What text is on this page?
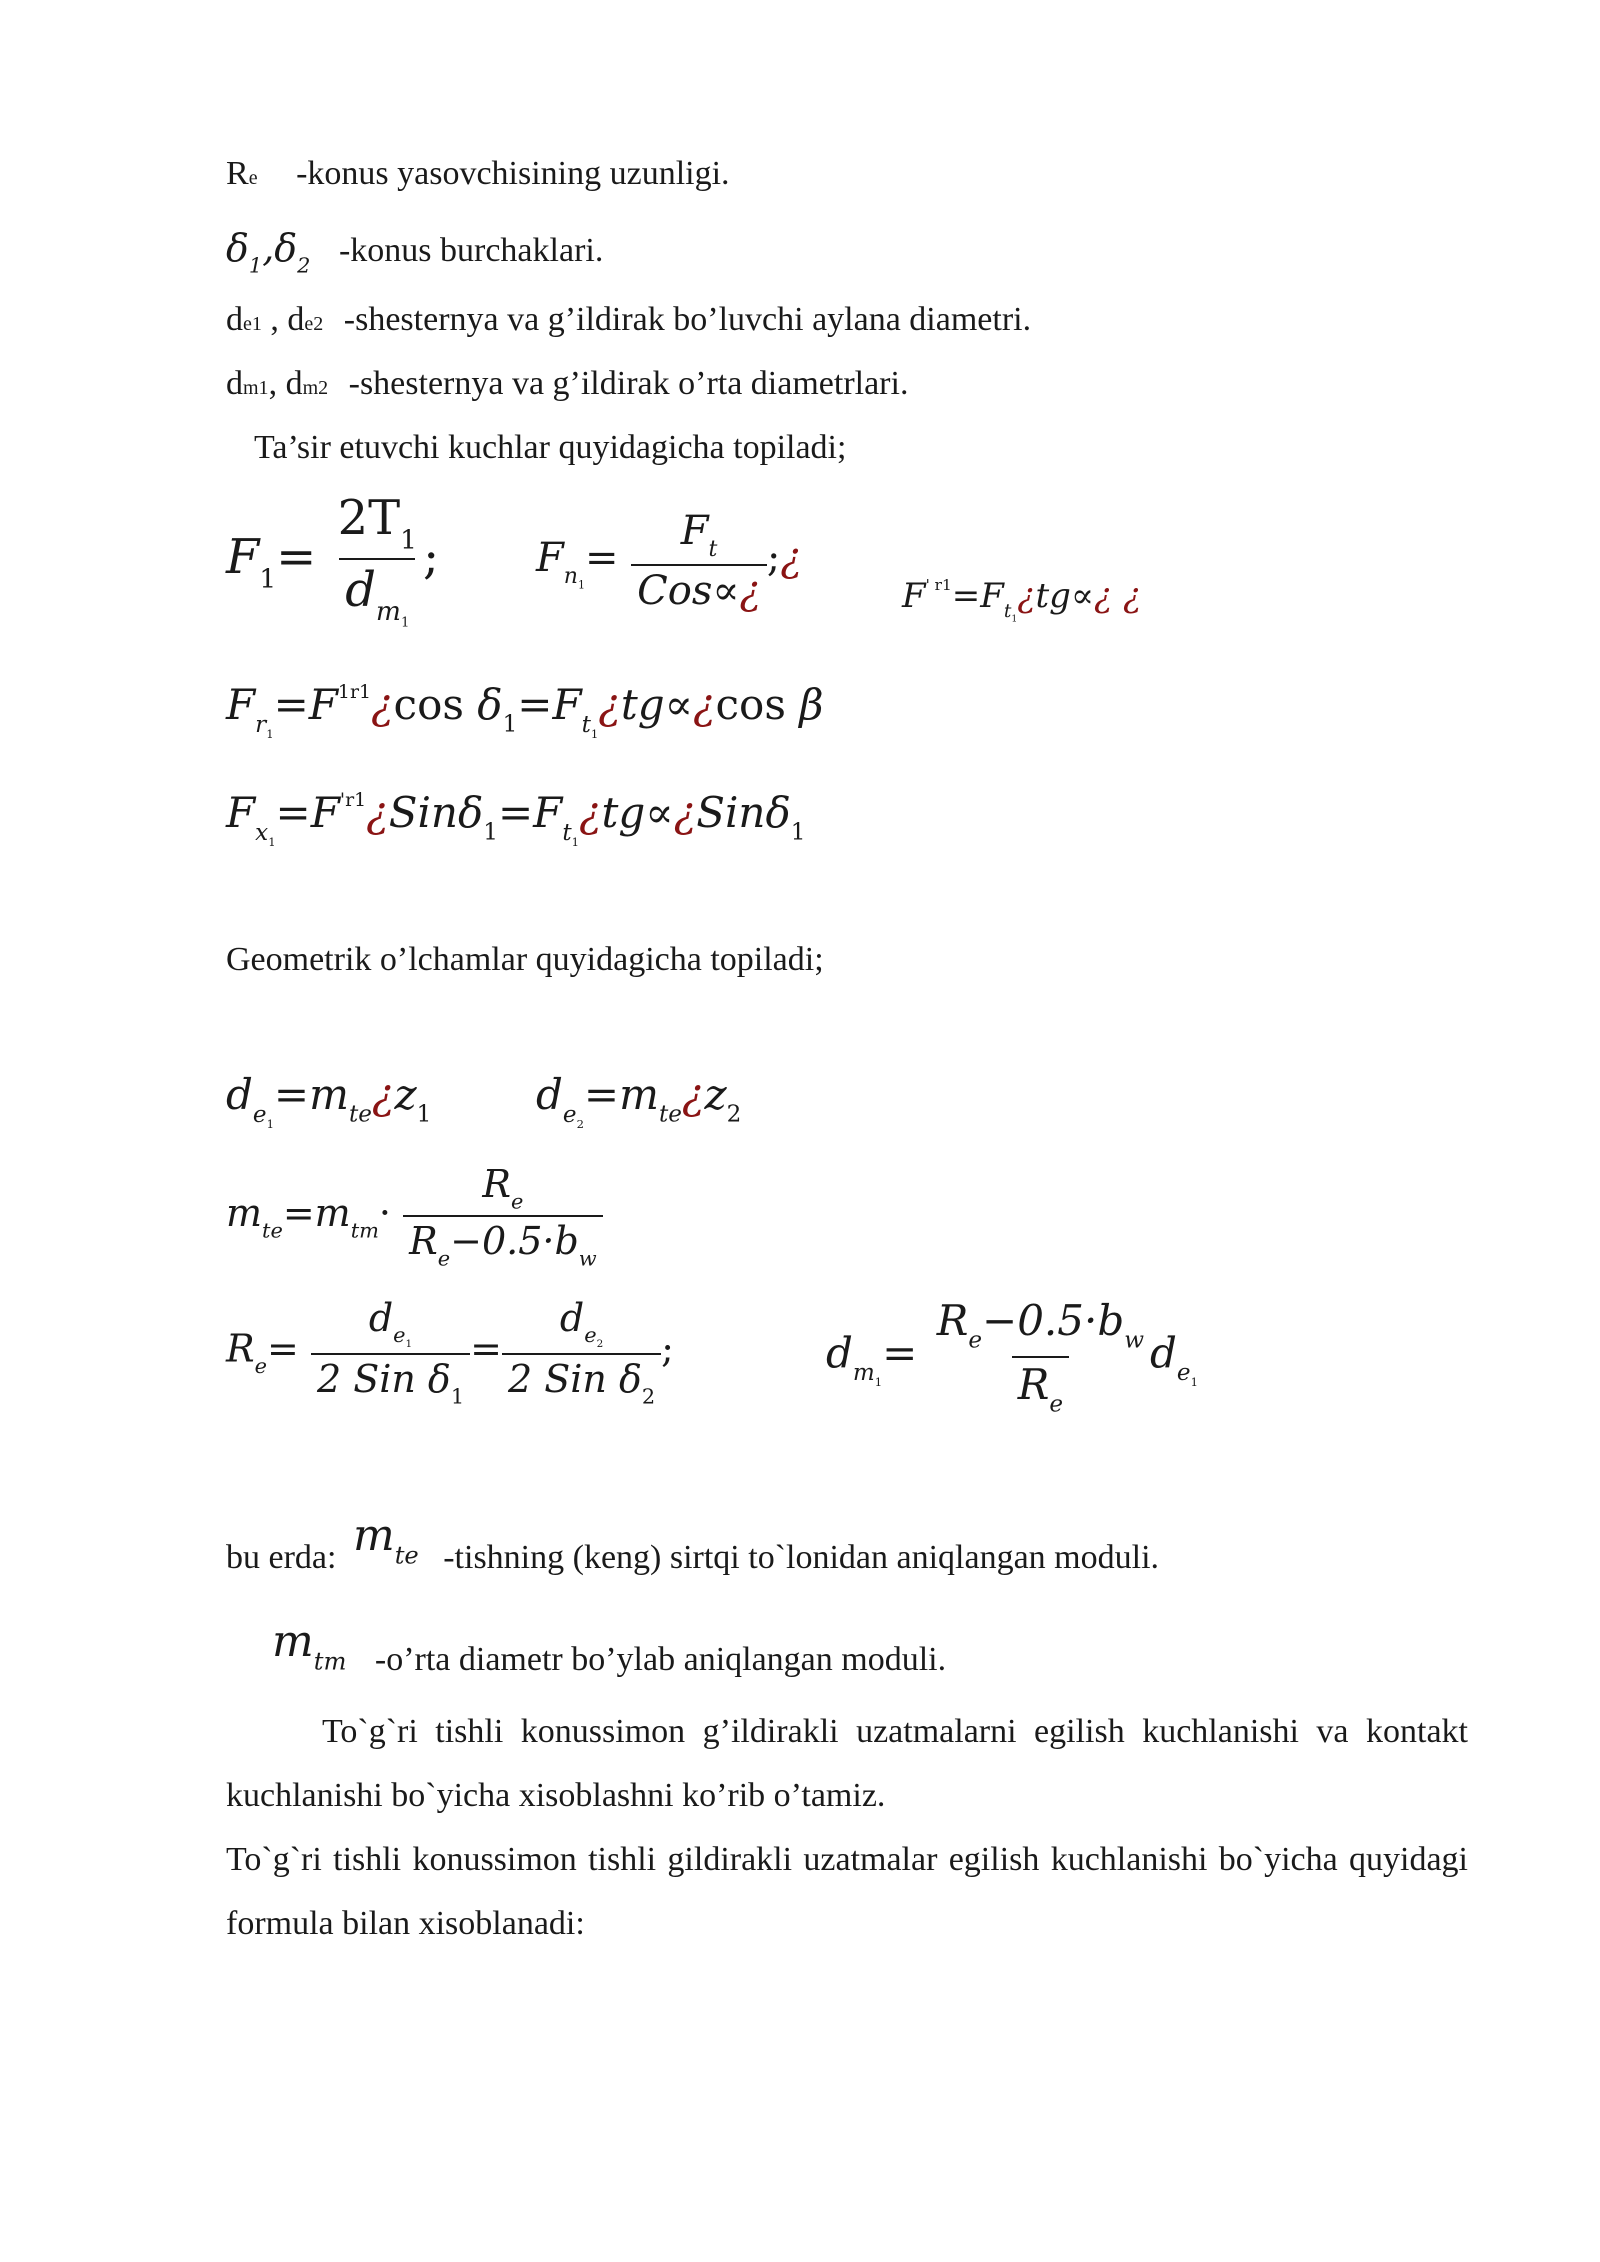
Re -konus yasovchisining uzunligi.
$\delta_1,\delta_2$ -konus burchaklari.
de1 , de2 -shesternya va g’ildirak bo’luvchi aylana diametri.
dm1, dm2 -shesternya va g’ildirak o’rta diametrlari.
Ta’sir etuvchi kuchlar quyidagicha topiladi;
$F_1= \frac{2T_1}{d_{m_1}}$ ; $F_{n_1}= \frac{F_t}{\text{Cos∝¿}}$ ;¿
$F^{' r1}=F_{t_1}¿tg\propto¿$ ¿
$F_{r_1}=F^{1r1}¿\cos$ $\delta_1=F_{t_1}¿tg\propto¿\cos$ β
$F_{x_1}=F^{'r1}¿Sin\delta_1=F_{t_1}¿tg\propto¿Sin\delta_1$
Geometrik o’lchamlar quyidagicha topiladi;
$d_{e_1}=m_{te}¿z_1$ $d_{e_2}=m_{te}¿z_2$
$m_{te}=m_{tm}\cdot \frac{R_e}{R_e-0.5\cdot b_w}$
$R_e= \frac{d_{e_1}}{2 Sin \delta_1} = \frac{d_{e_2}}{2 Sin \delta_2}$ ;	$d_{m_1}= \frac{R_e-0.5\cdot b_w}{R_e} d_{e_1}$
bu erda: $m_{te}$ -tishning (keng) sirtqi to`lonidan aniqlangan moduli.
$m_{tm}$ -o’rta diametr bo’ylab aniqlangan moduli.
To`g`ri tishli konussimon g’ildirakli uzatmalarni egilish kuchlanishi va kontakt kuchlanishi bo`yicha xisoblashni ko’rib o’tamiz.
To`g`ri tishli konussimon tishli gildirakli uzatmalar egilish kuchlanishi bo`yicha quyidagi formula bilan xisoblanadi:
